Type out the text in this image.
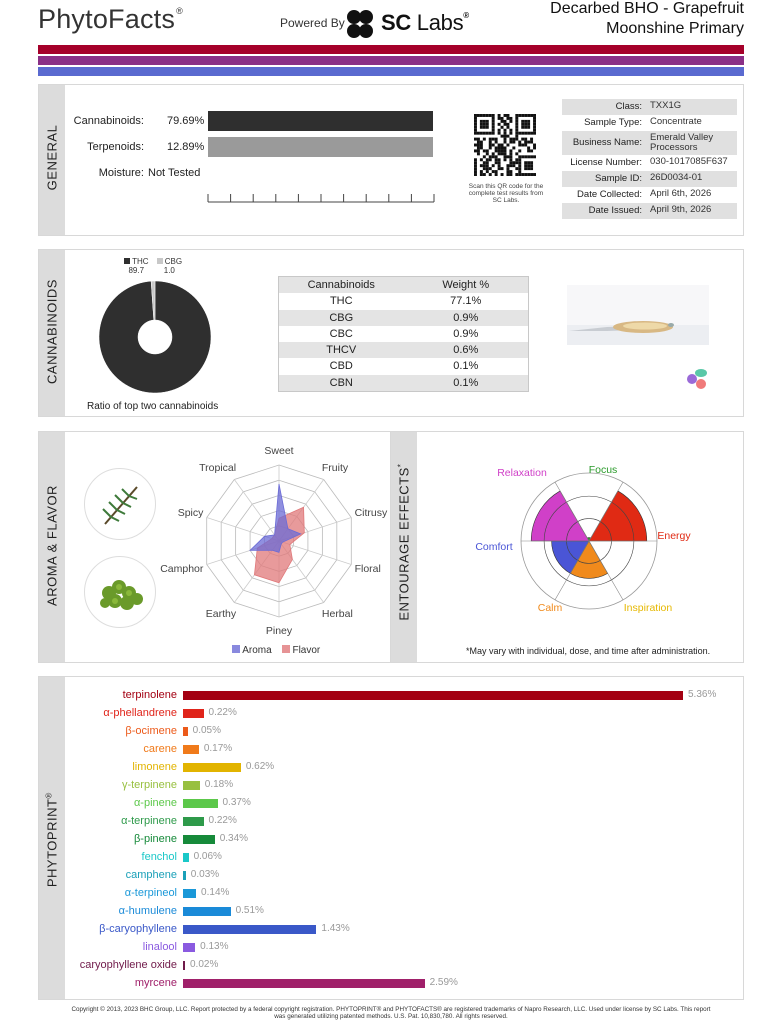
PhytoFacts®
Powered By SC Labs®	Decarbed BHO - Grapefruit
Moonshine Primary
GENERAL
Cannabinoids: 79.69%
Terpenoids: 12.89%
Moisture: Not Tested
Scan this QR code for the complete test results from SC Labs.
Class: TXX1G
Sample Type: Concentrate
Business Name: Emerald Valley Processors
License Number: 030-1017085F637
Sample ID: 26D0034-01
Date Collected: April 6th, 2026
Date Issued: April 9th, 2026
CANNABINOIDS
THC
89.7
CBG
1.0
Ratio of top two cannabinoids
Cannabinoids	Weight %
THC	77.1%
CBG	0.9%
CBC	0.9%
THCV	0.6%
CBD	0.1%
CBN	0.1%
AROMA & FLAVOR
Sweet
Fruity
Citrusy
Floral
Herbal
Piney
Earthy
Camphor
Spicy
Tropical
Aroma	Flavor
ENTOURAGE EFFECTS*	Focus
Energy
Inspiration
Calm
Comfort
Relaxation
*May vary with individual, dose, and time after administration.
PHYTOPRINT®
terpinolene	5.36%
α-phellandrene	0.22%
β-ocimene 0.05%
carene	0.17%
limonene	0.62%
γ-terpinene	0.18%
α-pinene	0.37%
α-terpinene	0.22%
β-pinene	0.34%
fenchol 0.06%
camphene 0.03%
α-terpineol 0.14%
α-humulene	0.51%
β-caryophyllene	1.43%
linalool 0.13%
caryophyllene oxide 0.02%
myrcene	2.59%
Copyright © 2013, 2023 BHC Group, LLC. Report protected by a federal copyright registration. PHYTOPRINT® and PHYTOFACTS® are registered trademarks of Napro Research, LLC. Used under license by SC Labs. This report
was generated utilizing patented methods. U.S. Pat. 10,830,780. All rights reserved.
